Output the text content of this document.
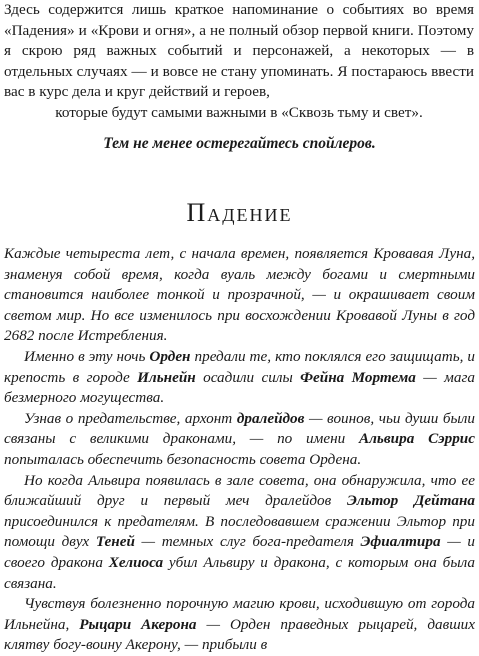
Здесь содержится лишь краткое напоминание о событиях во время «Падения» и «Крови и огня», а не полный обзор первой книги. Поэтому я скрою ряд важных событий и персонажей, а некоторых — в отдельных случаях — и вовсе не стану упоминать. Я постараюсь ввести вас в курс дела и круг действий и героев,

которые будут самыми важными в «Сквозь тьму и свет».

Тем не менее остерегайтесь спойлеров.
Падение

Каждые четыреста лет, с начала времен, появляется Кровавая Луна, знаменуя собой время, когда вуаль между богами и смертными становится наиболее тонкой и прозрачной, — и окрашивает своим светом мир. Но все изменилось при восхождении Кровавой Луны в год 2682 после Истребления.

Именно в эту ночь Орден предали те, кто поклялся его защищать, и крепость в городе Ильнейн осадили силы Фейна Мортема — мага безмерного могущества.

Узнав о предательстве, архонт дралейдов — воинов, чьи души были связаны с великими драконами, — по имени Альвира Сэррис попыталась обеспечить безопасность совета Ордена.

Но когда Альвира появилась в зале совета, она обнаружила, что ее ближайший друг и первый меч дралейдов Эльтор Дейтана присоединился к предателям. В последовавшем сражении Эльтор при помощи двух Теней — темных слуг бога-предателя Эфиалтира — и своего дракона Хелиоса убил Альвиру и дракона, с которым она была связана.

Чувствуя болезненно порочную магию крови, исходившую от города Ильнейна, Рыцари Акерона — Орден праведных рыцарей, давших клятву богу-воину Акерону, — прибыли в
